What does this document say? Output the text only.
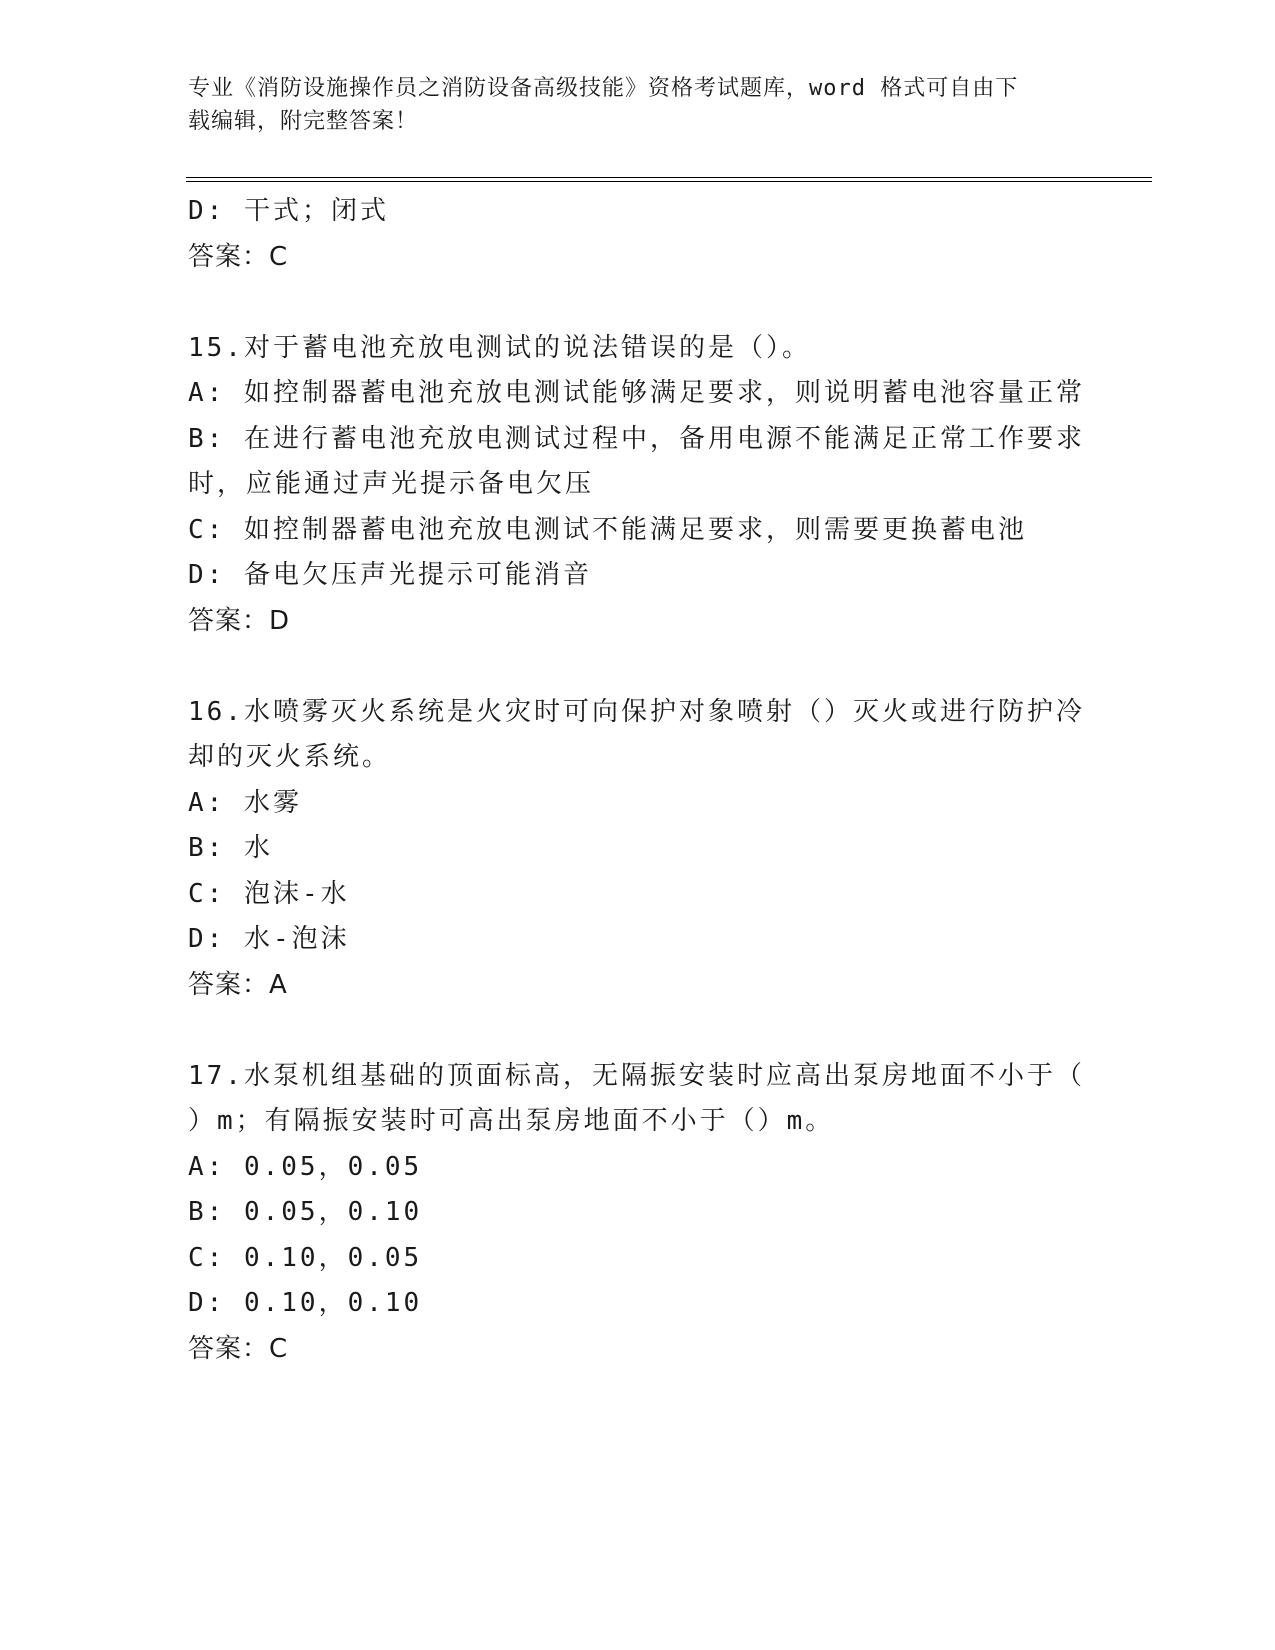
专业《消防设施操作员之消防设备高级技能》资格考试题库，word 格式可自由下
载编辑，附完整答案！
D: 干式；闭式
答案：C
15.对于蓄电池充放电测试的说法错误的是（）。
A: 如控制器蓄电池充放电测试能够满足要求，则说明蓄电池容量正常
B: 在进行蓄电池充放电测试过程中，备用电源不能满足正常工作要求
时，应能通过声光提示备电欠压
C: 如控制器蓄电池充放电测试不能满足要求，则需要更换蓄电池
D: 备电欠压声光提示可能消音
答案：D
16.水喷雾灭火系统是火灾时可向保护对象喷射（）灭火或进行防护冷
却的灭火系统。
A: 水雾
B: 水
C: 泡沫-水
D: 水-泡沫
答案：A
17.水泵机组基础的顶面标高，无隔振安装时应高出泵房地面不小于（
）m；有隔振安装时可高出泵房地面不小于（）m。
A: 0.05，0.05
B: 0.05，0.10
C: 0.10，0.05
D: 0.10，0.10
答案：C
